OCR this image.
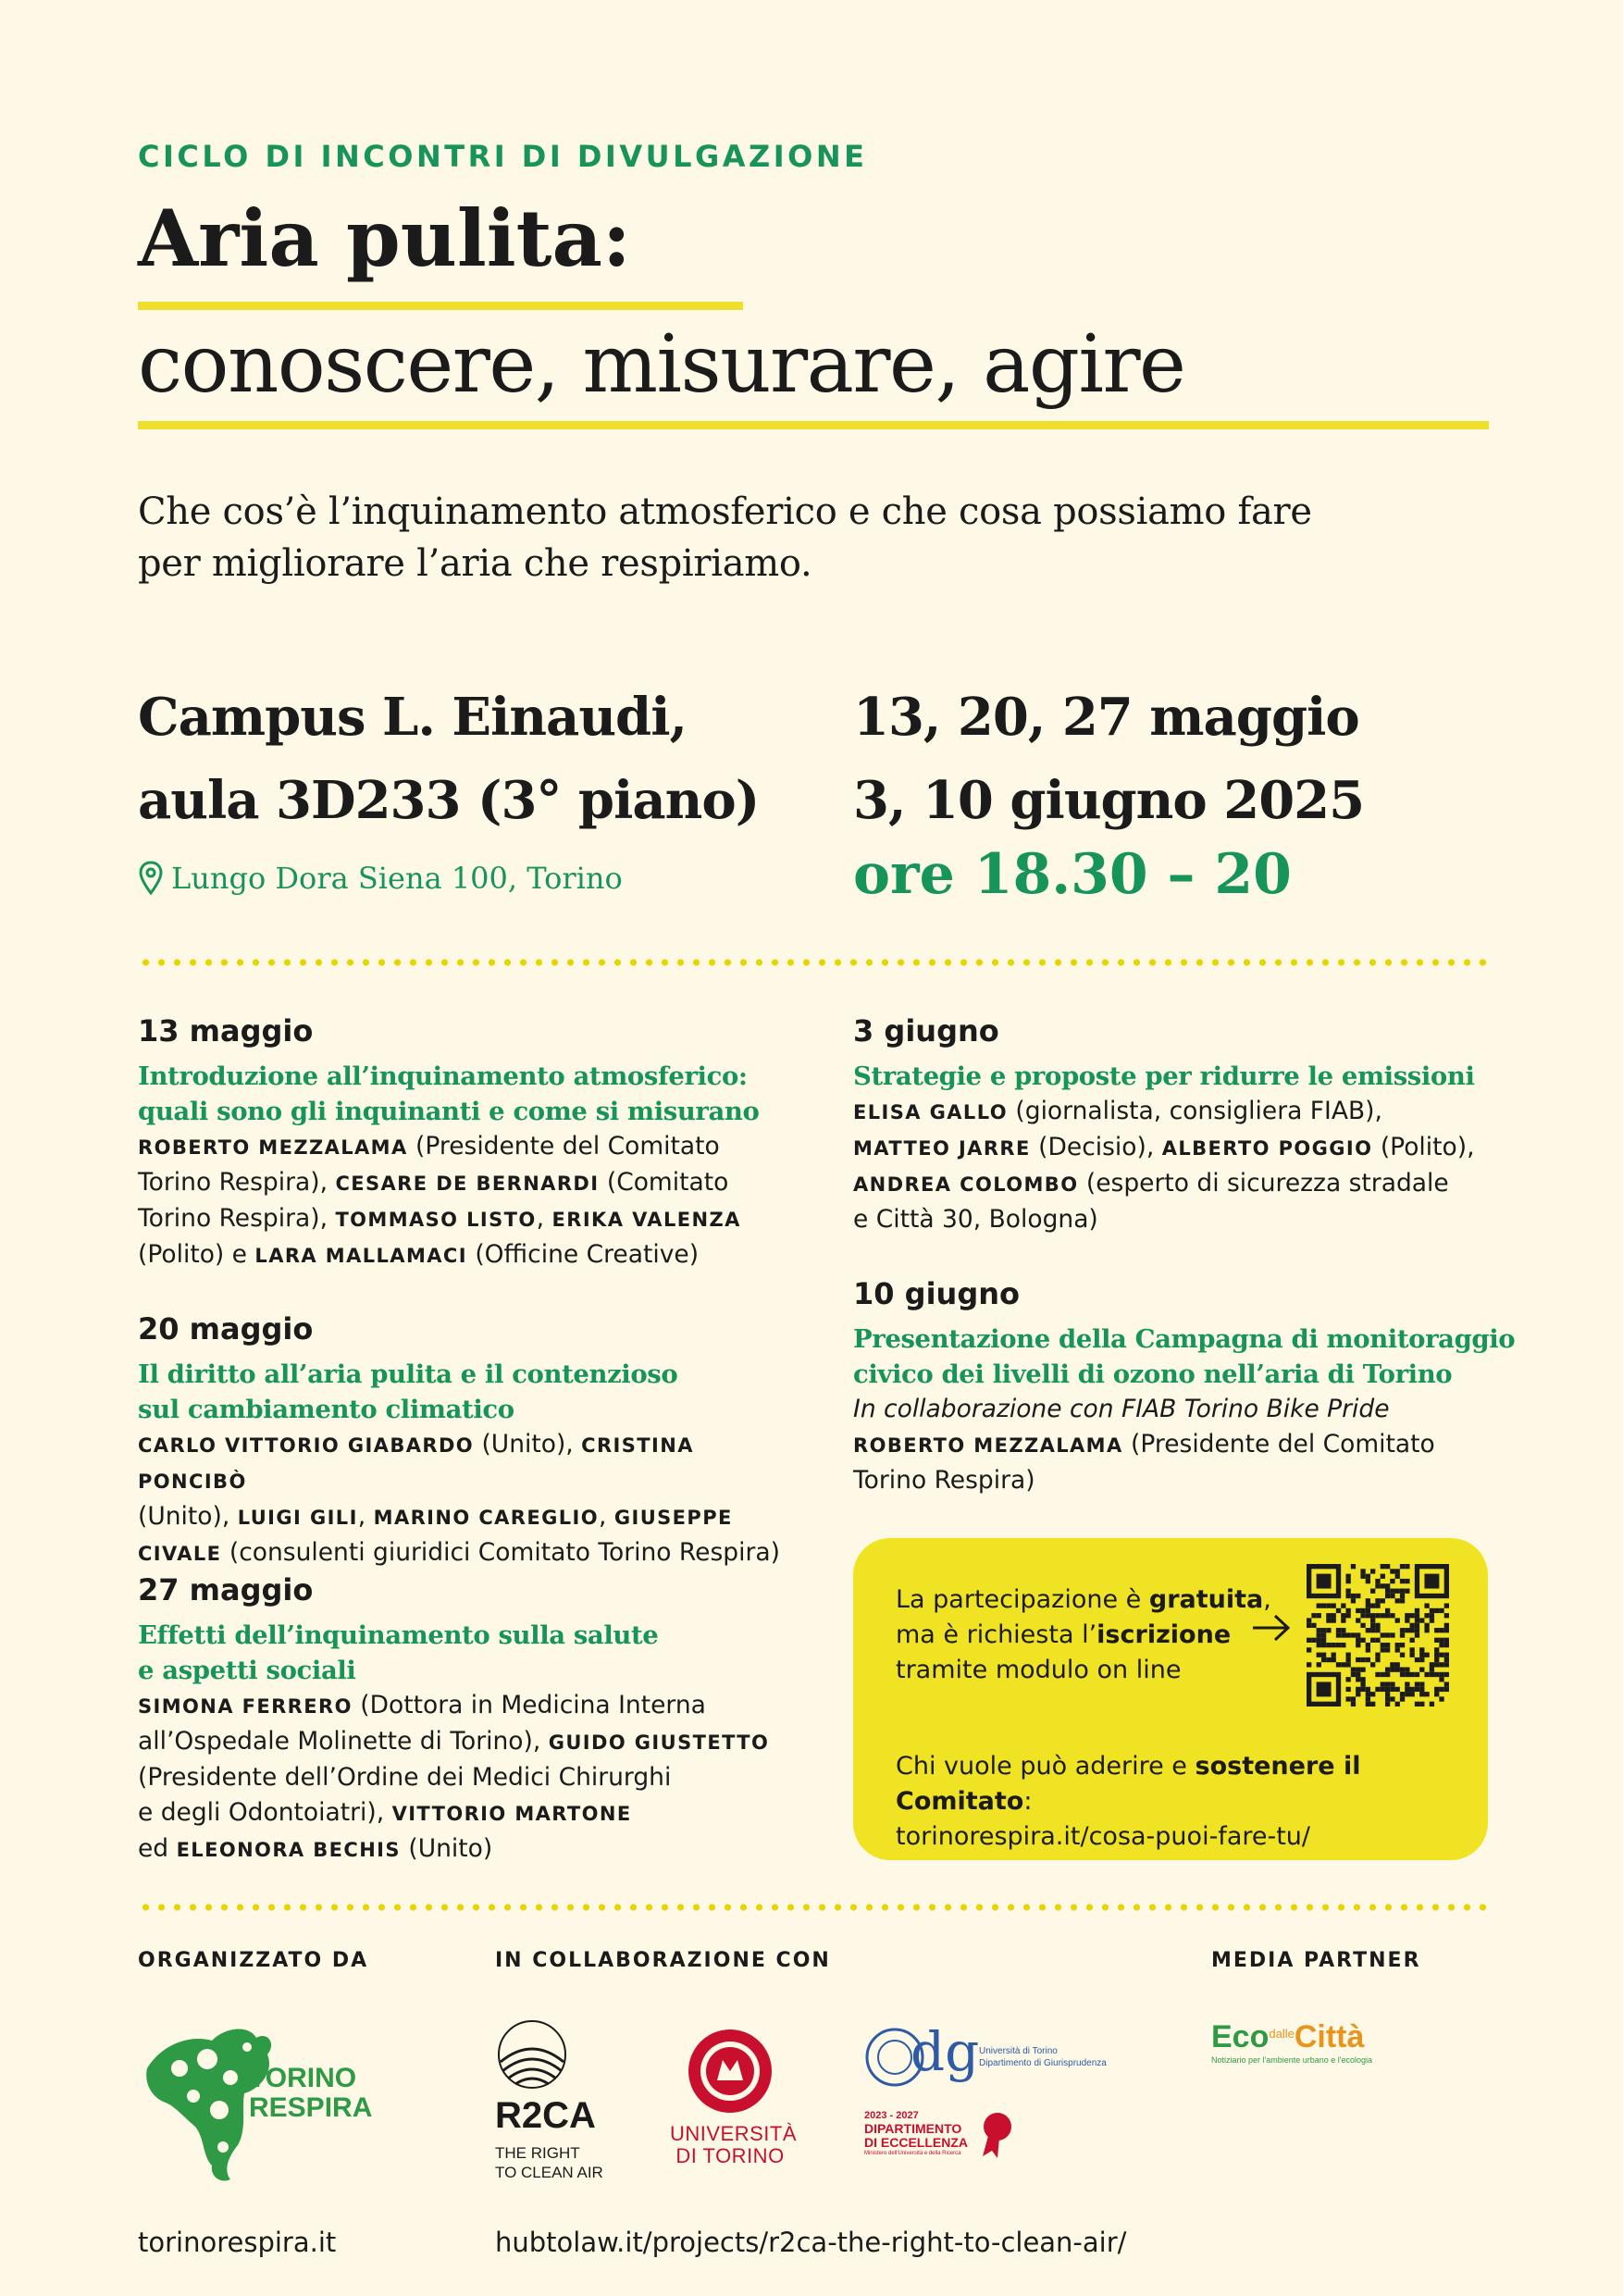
CICLO DI INCONTRI DI DIVULGAZIONE
Aria pulita:
conoscere, misurare, agire
Che cos’è l’inquinamento atmosferico e che cosa possiamo fare
per migliorare l’aria che respiriamo.
Campus L. Einaudi,
aula 3D233 (3° piano)
Lungo Dora Siena 100, Torino
13, 20, 27 maggio
3, 10 giugno 2025
ore 18.30 – 20
13 maggio
Introduzione all’inquinamento atmosferico:
quali sono gli inquinanti e come si misurano
ROBERTO MEZZALAMA (Presidente del Comitato
Torino Respira), CESARE DE BERNARDI (Comitato
Torino Respira), TOMMASO LISTO, ERIKA VALENZA
(Polito) e LARA MALLAMACI (Officine Creative)
20 maggio
Il diritto all’aria pulita e il contenzioso
sul cambiamento climatico
CARLO VITTORIO GIABARDO (Unito), CRISTINA PONCIBÒ
(Unito), LUIGI GILI, MARINO CAREGLIO, GIUSEPPE
CIVALE (consulenti giuridici Comitato Torino Respira)
27 maggio
Effetti dell’inquinamento sulla salute
e aspetti sociali
SIMONA FERRERO (Dottora in Medicina Interna
all’Ospedale Molinette di Torino), GUIDO GIUSTETTO
(Presidente dell’Ordine dei Medici Chirurghi
e degli Odontoiatri), VITTORIO MARTONE
ed ELEONORA BECHIS (Unito)
3 giugno
Strategie e proposte per ridurre le emissioni
ELISA GALLO (giornalista, consigliera FIAB),
MATTEO JARRE (Decisio), ALBERTO POGGIO (Polito),
ANDREA COLOMBO (esperto di sicurezza stradale
e Città 30, Bologna)
10 giugno
Presentazione della Campagna di monitoraggio
civico dei livelli di ozono nell’aria di Torino
In collaborazione con FIAB Torino Bike Pride
ROBERTO MEZZALAMA (Presidente del Comitato
Torino Respira)
La partecipazione è gratuita,
ma è richiesta l’iscrizione
tramite modulo on line
Chi vuole può aderire e sostenere il Comitato:
torinorespira.it/cosa-puoi-fare-tu/
ORGANIZZATO DA	IN COLLABORAZIONE CON	MEDIA PARTNER
TORINO
RESPIRA	R2CA
THE RIGHT
TO CLEAN AIR
UNIVERSITÀ
DI TORINO
dg Università di Torino
Dipartimento di Giurisprudenza
2023 - 2027
DIPARTIMENTO
DI ECCELLENZA
Ministero dell'Università e della Ricerca
Eco$^{dalle}$Città
Notiziario per l'ambiente urbano e l'ecologia
torinorespira.it	hubtolaw.it/projects/r2ca-the-right-to-clean-air/
